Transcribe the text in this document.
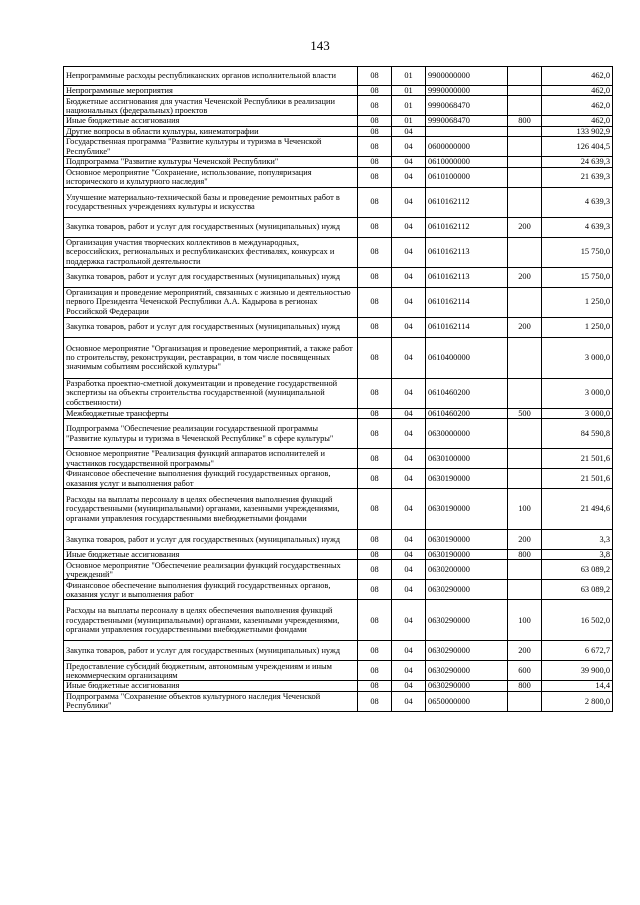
143
Непрограммные расходы республиканских органов исполнительной власти	08	01	9900000000		462,0
Непрограммные мероприятия	08	01	9990000000		462,0
Бюджетные ассигнования для участия Чеченской Республики в реализации национальных (федеральных) проектов	08	01	9990068470		462,0
Иные бюджетные ассигнования	08	01	9990068470	800	462,0
Другие вопросы в области культуры, кинематографии	08	04			133 902,9
Государственная программа "Развитие культуры и туризма в Чеченской Республике"	08	04	0600000000		126 404,5
Подпрограмма "Развитие культуры Чеченской Республики"	08	04	0610000000		24 639,3
Основное мероприятие "Сохранение, использование, популяризация исторического и культурного наследия"	08	04	0610100000		21 639,3
Улучшение материально-технической базы и проведение ремонтных работ в государственных учреждениях культуры и искусства	08	04	0610162112		4 639,3
Закупка товаров, работ и услуг для государственных (муниципальных) нужд	08	04	0610162112	200	4 639,3
Организация участия творческих коллективов в международных, всероссийских, региональных и республиканских фестивалях, конкурсах и поддержка гастрольной деятельности	08	04	0610162113		15 750,0
Закупка товаров, работ и услуг для государственных (муниципальных) нужд	08	04	0610162113	200	15 750,0
Организация и проведение мероприятий, связанных с жизнью и деятельностью первого Президента Чеченской Республики А.А. Кадырова в регионах Российской Федерации	08	04	0610162114		1 250,0
Закупка товаров, работ и услуг для государственных (муниципальных) нужд	08	04	0610162114	200	1 250,0
Основное мероприятие "Организация и проведение мероприятий, а также работ по строительству, реконструкции, реставрации, в том числе посвященных значимым событиям российской культуры"	08	04	0610400000		3 000,0
Разработка проектно-сметной документации и проведение государственной экспертизы на объекты строительства государственной (муниципальной собственности)	08	04	0610460200		3 000,0
Межбюджетные трансферты	08	04	0610460200	500	3 000,0
Подпрограмма "Обеспечение реализации государственной программы "Развитие культуры и туризма в Чеченской Республике" в сфере культуры"	08	04	0630000000		84 590,8
Основное мероприятие "Реализация функций аппаратов исполнителей и участников государственной программы"	08	04	0630100000		21 501,6
Финансовое обеспечение выполнения функций государственных органов, оказания услуг и выполнения работ	08	04	0630190000		21 501,6
Расходы на выплаты персоналу в целях обеспечения выполнения функций государственными (муниципальными) органами, казенными учреждениями, органами управления государственными внебюджетными фондами	08	04	0630190000	100	21 494,6
Закупка товаров, работ и услуг для государственных (муниципальных) нужд	08	04	0630190000	200	3,3
Иные бюджетные ассигнования	08	04	0630190000	800	3,8
Основное мероприятие "Обеспечение реализации функций государственных учреждений"	08	04	0630200000		63 089,2
Финансовое обеспечение выполнения функций государственных органов, оказания услуг и выполнения работ	08	04	0630290000		63 089,2
Расходы на выплаты персоналу в целях обеспечения выполнения функций государственными (муниципальными) органами, казенными учреждениями, органами управления государственными внебюджетными фондами	08	04	0630290000	100	16 502,0
Закупка товаров, работ и услуг для государственных (муниципальных) нужд	08	04	0630290000	200	6 672,7
Предоставление субсидий бюджетным, автономным учреждениям и иным некоммерческим организациям	08	04	0630290000	600	39 900,0
Иные бюджетные ассигнования	08	04	0630290000	800	14,4
Подпрограмма "Сохранение объектов культурного наследия Чеченской Республики"	08	04	0650000000		2 800,0
